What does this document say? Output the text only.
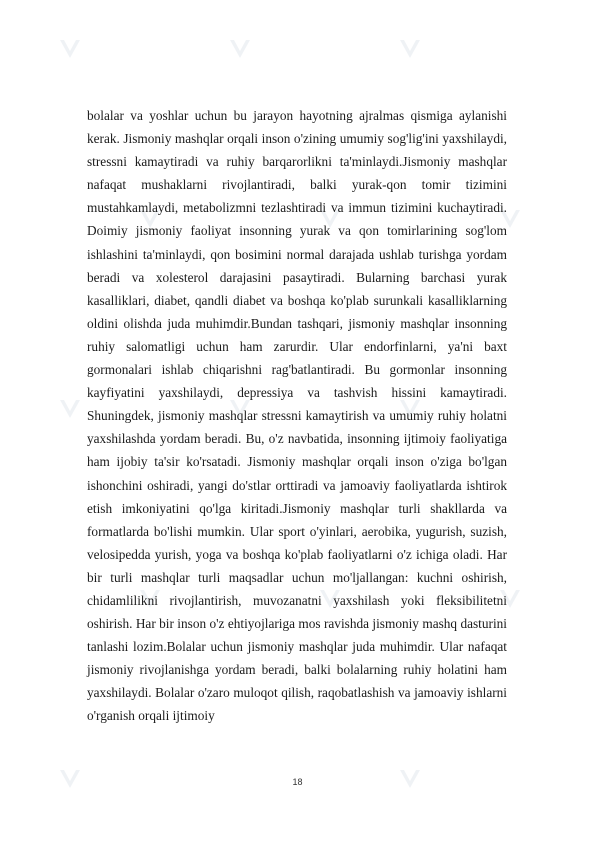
bolalar va yoshlar uchun bu jarayon hayotning ajralmas qismiga aylanishi kerak. Jismoniy mashqlar orqali inson o'zining umumiy sog'lig'ini yaxshilaydi, stressni kamaytiradi va ruhiy barqarorlikni ta'minlaydi.Jismoniy mashqlar nafaqat mushaklarni rivojlantiradi, balki yurak-qon tomir tizimini mustahkamlaydi, metabolizmni tezlashtiradi va immun tizimini kuchaytiradi. Doimiy jismoniy faoliyat insonning yurak va qon tomirlarining sog'lom ishlashini ta'minlaydi, qon bosimini normal darajada ushlab turishga yordam beradi va xolesterol darajasini pasaytiradi. Bularning barchasi yurak kasalliklari, diabet, qandli diabet va boshqa ko'plab surunkali kasalliklarning oldini olishda juda muhimdir.Bundan tashqari, jismoniy mashqlar insonning ruhiy salomatligi uchun ham zarurdir. Ular endorfinlarni, ya'ni baxt gormonalari ishlab chiqarishni rag'batlantiradi. Bu gormonlar insonning kayfiyatini yaxshilaydi, depressiya va tashvish hissini kamaytiradi. Shuningdek, jismoniy mashqlar stressni kamaytirish va umumiy ruhiy holatni yaxshilashda yordam beradi. Bu, o'z navbatida, insonning ijtimoiy faoliyatiga ham ijobiy ta'sir ko'rsatadi. Jismoniy mashqlar orqali inson o'ziga bo'lgan ishonchini oshiradi, yangi do'stlar orttiradi va jamoaviy faoliyatlarda ishtirok etish imkoniyatini qo'lga kiritadi.Jismoniy mashqlar turli shakllarda va formatlarda bo'lishi mumkin. Ular sport o'yinlari, aerobika, yugurish, suzish, velosipedda yurish, yoga va boshqa ko'plab faoliyatlarni o'z ichiga oladi. Har bir turli mashqlar turli maqsadlar uchun mo'ljallangan: kuchni oshirish, chidamlilikni rivojlantirish, muvozanatni yaxshilash yoki fleksibilitetni oshirish. Har bir inson o'z ehtiyojlariga mos ravishda jismoniy mashq dasturini tanlashi lozim.Bolalar uchun jismoniy mashqlar juda muhimdir. Ular nafaqat jismoniy rivojlanishga yordam beradi, balki bolalarning ruhiy holatini ham yaxshilaydi. Bolalar o'zaro muloqot qilish, raqobatlashish va jamoaviy ishlarni o'rganish orqali ijtimoiy

18
